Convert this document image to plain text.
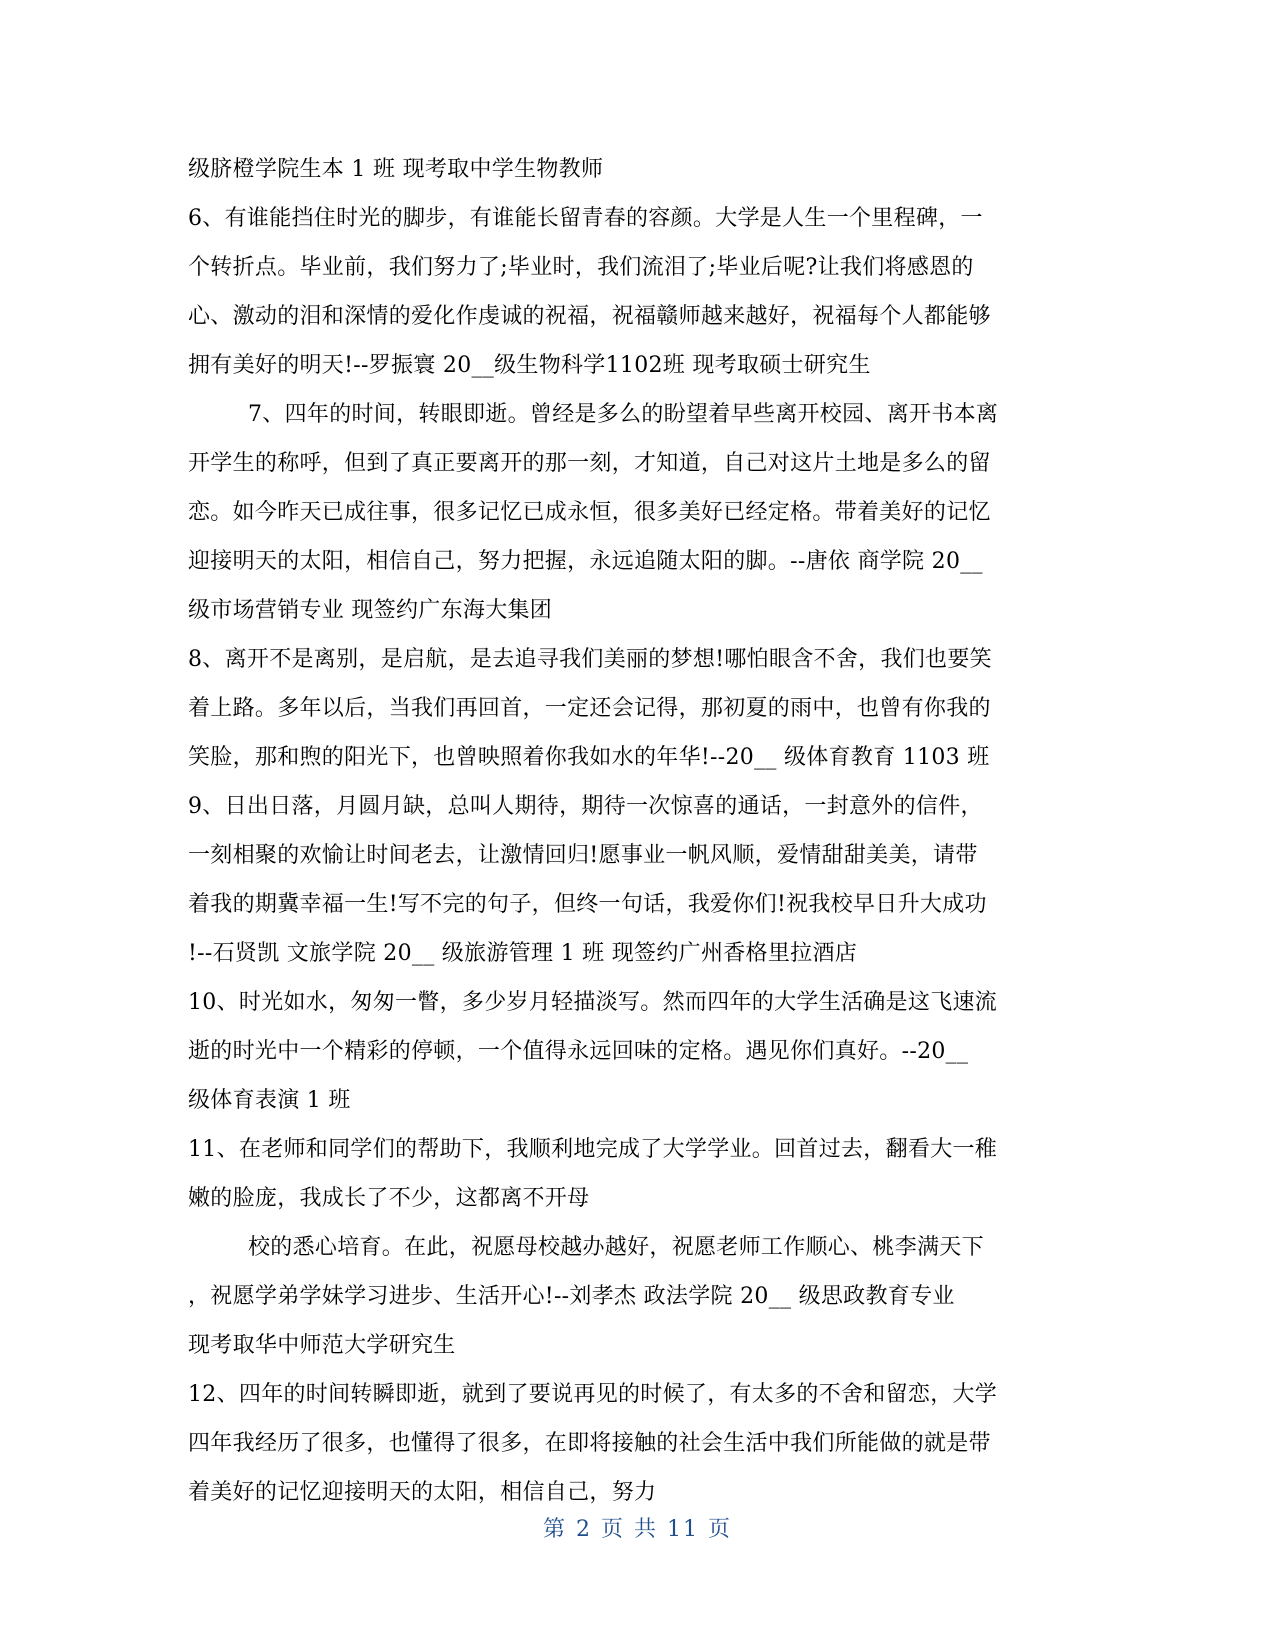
级脐橙学院生本 1 班 现考取中学生物教师
6、有谁能挡住时光的脚步，有谁能长留青春的容颜。大学是人生一个里程碑，一
个转折点。毕业前，我们努力了;毕业时，我们流泪了;毕业后呢?让我们将感恩的
心、激动的泪和深情的爱化作虔诚的祝福，祝福赣师越来越好，祝福每个人都能够
拥有美好的明天!--罗振寰 20__级生物科学1102班 现考取硕士研究生
7、四年的时间，转眼即逝。曾经是多么的盼望着早些离开校园、离开书本离
开学生的称呼，但到了真正要离开的那一刻，才知道，自己对这片土地是多么的留
恋。如今昨天已成往事，很多记忆已成永恒，很多美好已经定格。带着美好的记忆
迎接明天的太阳，相信自己，努力把握，永远追随太阳的脚。--唐依 商学院 20__
级市场营销专业 现签约广东海大集团
8、离开不是离别，是启航，是去追寻我们美丽的梦想!哪怕眼含不舍，我们也要笑
着上路。多年以后，当我们再回首，一定还会记得，那初夏的雨中，也曾有你我的
笑脸，那和煦的阳光下，也曾映照着你我如水的年华!--20__ 级体育教育 1103 班
9、日出日落，月圆月缺，总叫人期待，期待一次惊喜的通话，一封意外的信件，
一刻相聚的欢愉让时间老去，让激情回归!愿事业一帆风顺，爱情甜甜美美，请带
着我的期冀幸福一生!写不完的句子，但终一句话，我爱你们!祝我校早日升大成功
!--石贤凯 文旅学院 20__ 级旅游管理 1 班 现签约广州香格里拉酒店
10、时光如水，匆匆一瞥，多少岁月轻描淡写。然而四年的大学生活确是这飞速流
逝的时光中一个精彩的停顿，一个值得永远回味的定格。遇见你们真好。--20__
级体育表演 1 班
11、在老师和同学们的帮助下，我顺利地完成了大学学业。回首过去，翻看大一稚
嫩的脸庞，我成长了不少，这都离不开母
校的悉心培育。在此，祝愿母校越办越好，祝愿老师工作顺心、桃李满天下
，祝愿学弟学妹学习进步、生活开心!--刘孝杰 政法学院 20__ 级思政教育专业
现考取华中师范大学研究生
12、四年的时间转瞬即逝，就到了要说再见的时候了，有太多的不舍和留恋，大学
四年我经历了很多，也懂得了很多，在即将接触的社会生活中我们所能做的就是带
着美好的记忆迎接明天的太阳，相信自己，努力
第 2 页 共 11 页
